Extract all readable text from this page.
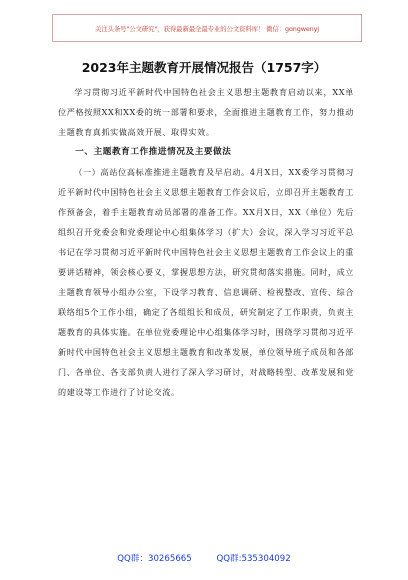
关注头条号"公文研究"，获得最新最全最专业的公文资料库！ 微信：gongwenyj
2023年主题教育开展情况报告（1757字）

学习贯彻习近平新时代中国特色社会主义思想主题教育启动以来，XX单位严格按照XX和XX委的统一部署和要求，全面推进主题教育工作，努力推动主题教育真抓实做高效开展、取得实效。

一、主题教育工作推进情况及主要做法

（一）高站位高标准推进主题教育及早启动。4月X日，XX委学习贯彻习近平新时代中国特色社会主义思想主题教育工作会议后，立即召开主题教育工作预备会，着手主题教育动员部署的准备工作。XX月X日，XX（单位）先后组织召开党委会和党委理论中心组集体学习（扩大）会议，深入学习习近平总书记在学习贯彻习近平新时代中国特色社会主义思想主题教育工作会议上的重要讲话精神，领会核心要义，掌握思想方法，研究贯彻落实措施。同时，成立主题教育领导小组办公室，下设学习教育、信息调研、检视整改、宣传、综合联络组5个工作小组，确定了各组组长和成员，研究制定了工作职责，负责主题教育的具体实施。在单位党委理论中心组集体学习时，围绕学习贯彻习近平新时代中国特色社会主义思想主题教育和改革发展，单位领导班子成员和各部门、各单位、各支部负责人进行了深入学习研讨，对战略转型、改革发展和党的建设等工作进行了讨论交流。

QQ群：30265665	QQ群:535304092
